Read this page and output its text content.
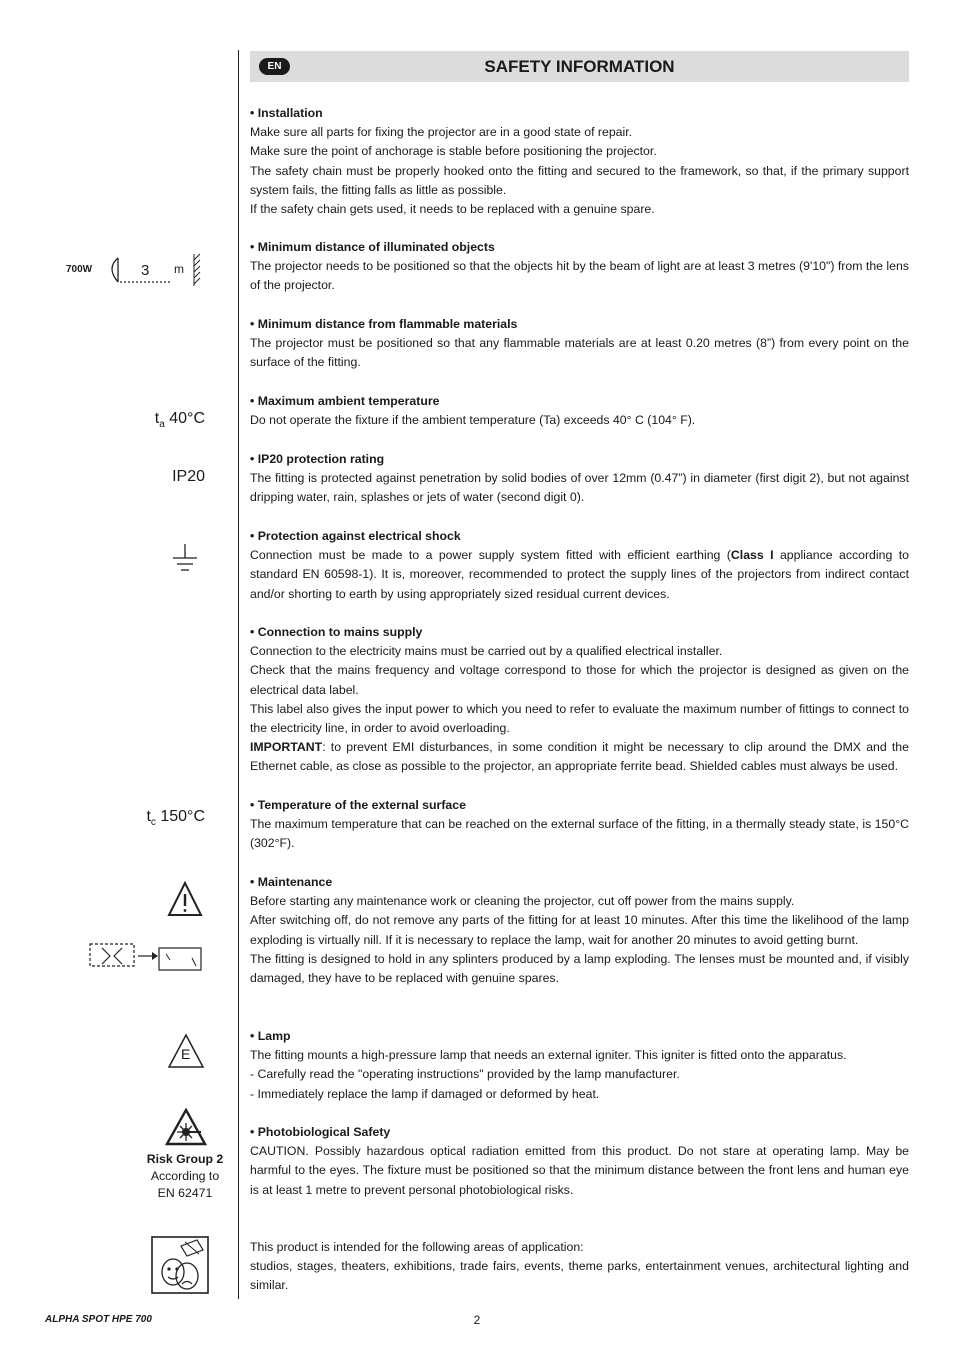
EN	SAFETY INFORMATION

• Installation

Make sure all parts for fixing the projector are in a good state of repair.

Make sure the point of anchorage is stable before positioning the projector.

The safety chain must be properly hooked onto the fitting and secured to the framework, so that, if the primary support system fails, the fitting falls as little as possible.

If the safety chain gets used, it needs to be replaced with a genuine spare.

• Minimum distance of illuminated objects

The projector needs to be positioned so that the objects hit by the beam of light are at least 3 metres (9'10") from the lens of the projector.

• Minimum distance from flammable materials

The projector must be positioned so that any flammable materials are at least 0.20 metres (8”) from every point on the surface of the fitting.

• Maximum ambient temperature

Do not operate the fixture if the ambient temperature (Ta) exceeds 40° C (104° F).

• IP20 protection rating

The fitting is protected against penetration by solid bodies of over 12mm (0.47”) in diameter (first digit 2), but not against dripping water, rain, splashes or jets of water (second digit 0).

• Protection against electrical shock

Connection must be made to a power supply system fitted with efficient earthing (Class I appliance according to standard EN 60598-1). It is, moreover, recommended to protect the supply lines of the projectors from indirect contact and/or shorting to earth by using appropriately sized residual current devices.

• Connection to mains supply

Connection to the electricity mains must be carried out by a qualified electrical installer.

Check that the mains frequency and voltage correspond to those for which the projector is designed as given on the electrical data label.

This label also gives the input power to which you need to refer to evaluate the maximum number of fittings to connect to the electricity line, in order to avoid overloading.

IMPORTANT: to prevent EMI disturbances, in some condition it might be necessary to clip around the DMX and the Ethernet cable, as close as possible to the projector, an appropriate ferrite bead. Shielded cables must always be used.

• Temperature of the external surface

The maximum temperature that can be reached on the external surface of the fitting, in a thermally steady state, is 150°C (302°F).

• Maintenance

Before starting any maintenance work or cleaning the projector, cut off power from the mains supply.

After switching off, do not remove any parts of the fitting for at least 10 minutes. After this time the likelihood of the lamp exploding is virtually nill. If it is necessary to replace the lamp, wait for another 20 minutes to avoid getting burnt.

The fitting is designed to hold in any splinters produced by a lamp exploding. The lenses must be mounted and, if visibly damaged, they have to be replaced with genuine spares.

• Lamp

The fitting mounts a high-pressure lamp that needs an external igniter. This igniter is fitted onto the apparatus.

- Carefully read the "operating instructions" provided by the lamp manufacturer.

- Immediately replace the lamp if damaged or deformed by heat.

• Photobiological Safety

CAUTION. Possibly hazardous optical radiation emitted from this product. Do not stare at operating lamp. May be harmful to the eyes. The fixture must be positioned so that the minimum distance between the front lens and human eye is at least 1 metre to prevent personal photobiological risks.

This product is intended for the following areas of application:

studios, stages, theaters, exhibitions, trade fairs, events, theme parks, entertainment venues, architectural lighting and similar.

700W	3 m
$t_a$ 40°C
IP20
$t_c$ 150°C
E
Risk Group 2
According to
EN 62471
ALPHA SPOT HPE 700	2
